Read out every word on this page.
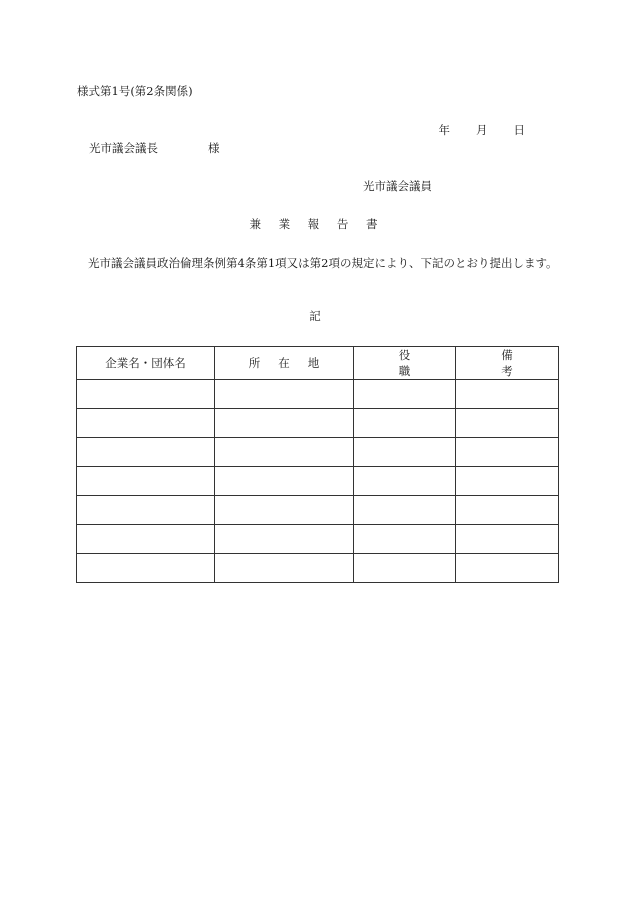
様式第1号(第2条関係)
年 月 日
光市議会議長	様
光市議会議員
兼 業 報 告 書
光市議会議員政治倫理条例第4条第1項又は第2項の規定により、下記のとおり提出します。
記
企業名・団体名	所在地	役職	備考
